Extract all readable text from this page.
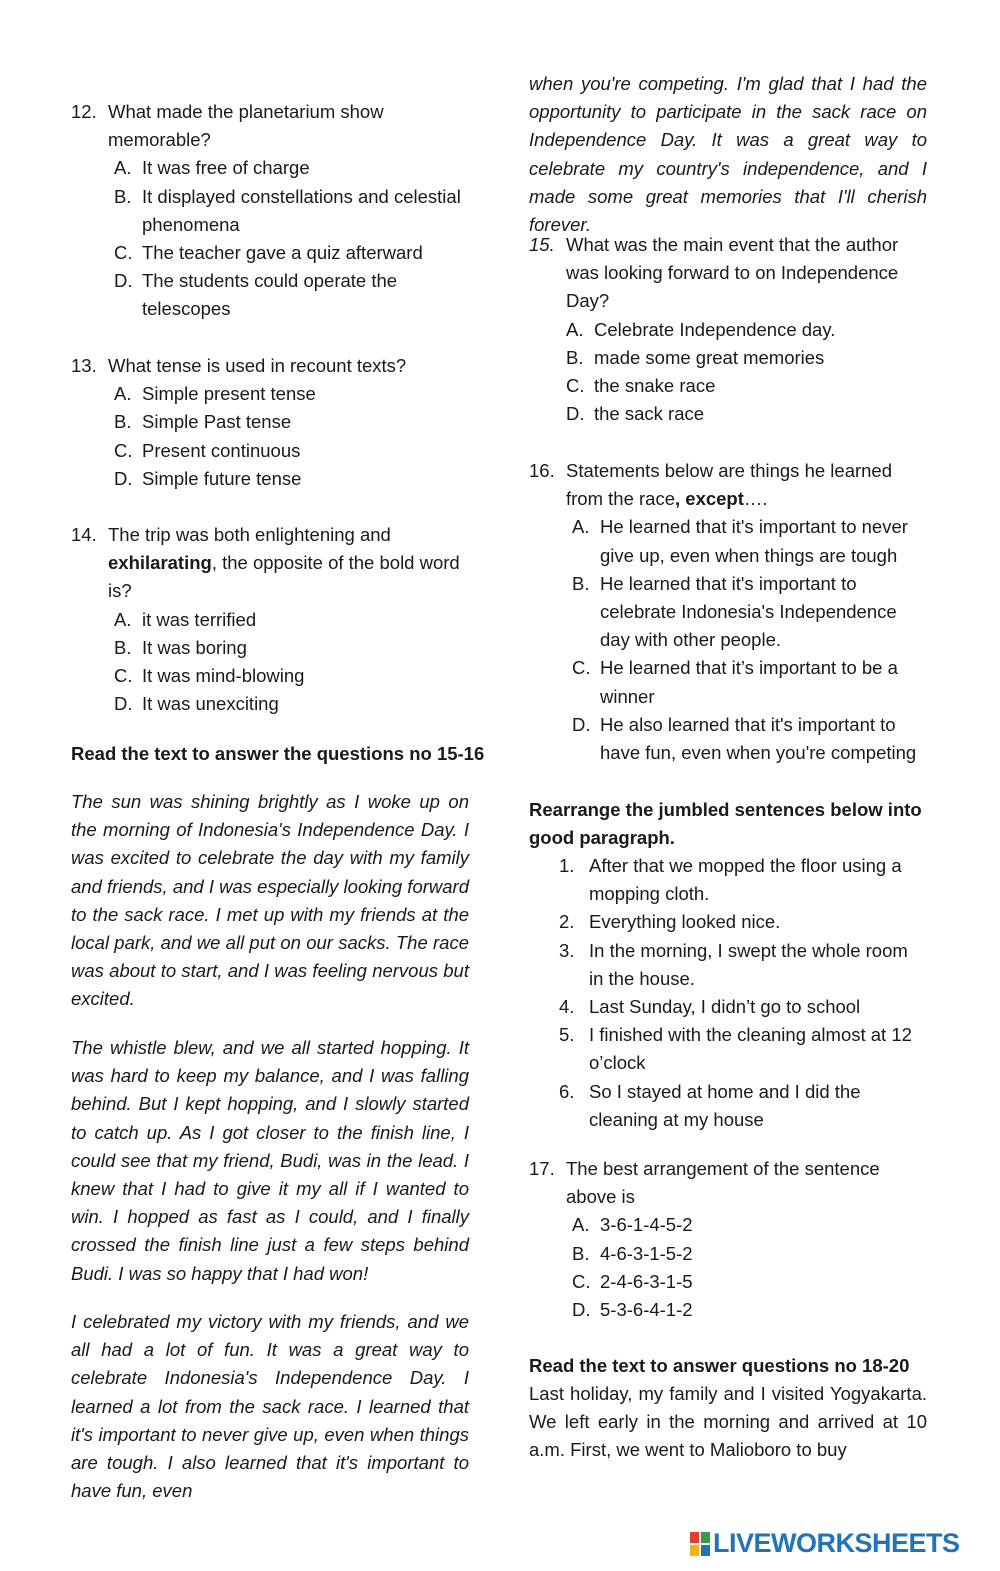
12. What made the planetarium show memorable?
A. It was free of charge
B. It displayed constellations and celestial phenomena
C. The teacher gave a quiz afterward
D. The students could operate the telescopes
13. What tense is used in recount texts?
A. Simple present tense
B. Simple Past tense
C. Present continuous
D. Simple future tense
14. The trip was both enlightening and exhilarating, the opposite of the bold word is?
A. it was terrified
B. It was boring
C. It was mind-blowing
D. It was unexciting
Read the text to answer the questions no 15-16
The sun was shining brightly as I woke up on the morning of Indonesia's Independence Day. I was excited to celebrate the day with my family and friends, and I was especially looking forward to the sack race. I met up with my friends at the local park, and we all put on our sacks. The race was about to start, and I was feeling nervous but excited.
The whistle blew, and we all started hopping. It was hard to keep my balance, and I was falling behind. But I kept hopping, and I slowly started to catch up. As I got closer to the finish line, I could see that my friend, Budi, was in the lead. I knew that I had to give it my all if I wanted to win. I hopped as fast as I could, and I finally crossed the finish line just a few steps behind Budi. I was so happy that I had won!
I celebrated my victory with my friends, and we all had a lot of fun. It was a great way to celebrate Indonesia's Independence Day. I learned a lot from the sack race. I learned that it's important to never give up, even when things are tough. I also learned that it's important to have fun, even
when you're competing. I'm glad that I had the opportunity to participate in the sack race on Independence Day. It was a great way to celebrate my country's independence, and I made some great memories that I'll cherish forever.
15. What was the main event that the author was looking forward to on Independence Day?
A. Celebrate Independence day.
B. made some great memories
C. the snake race
D. the sack race
16. Statements below are things he learned from the race, except….
A. He learned that it's important to never give up, even when things are tough
B. He learned that it's important to celebrate Indonesia's Independence day with other people.
C. He learned that it’s important to be a winner
D. He also learned that it's important to have fun, even when you're competing
Rearrange the jumbled sentences below into good paragraph.
1. After that we mopped the floor using a mopping cloth.
2. Everything looked nice.
3. In the morning, I swept the whole room in the house.
4. Last Sunday, I didn’t go to school
5. I finished with the cleaning almost at 12 o’clock
6. So I stayed at home and I did the cleaning at my house
17. The best arrangement of the sentence above is
A. 3-6-1-4-5-2
B. 4-6-3-1-5-2
C. 2-4-6-3-1-5
D. 5-3-6-4-1-2
Read the text to answer questions no 18-20
Last holiday, my family and I visited Yogyakarta. We left early in the morning and arrived at 10 a.m. First, we went to Malioboro to buy
LIVEWORKSHEETS
